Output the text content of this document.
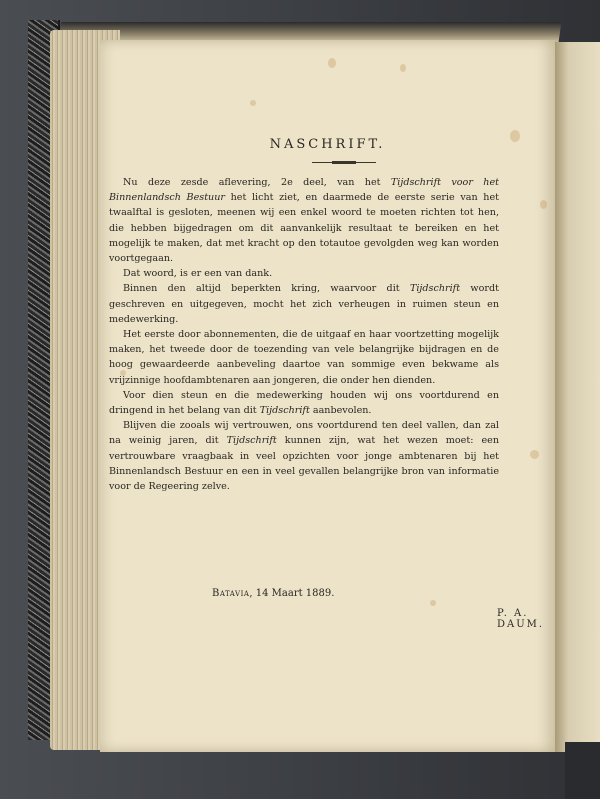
NASCHRIFT.

Nu deze zesde aflevering, 2e deel, van het Tijdschrift voor het Binnenlandsch Bestuur het licht ziet, en daarmede de eerste serie van het twaalftal is gesloten, meenen wij een enkel woord te moeten richten tot hen, die hebben bijgedragen om dit aanvankelijk resultaat te bereiken en het mogelijk te maken, dat met kracht op den totautoe gevolgden weg kan worden voortgegaan.

Dat woord, is er een van dank.

Binnen den altijd beperkten kring, waarvoor dit Tijdschrift wordt geschreven en uitgegeven, mocht het zich verheugen in ruimen steun en medewerking.

Het eerste door abonnementen, die de uitgaaf en haar voortzetting mogelijk maken, het tweede door de toezending van vele belangrijke bijdragen en de hoog gewaardeerde aanbeveling daartoe van sommige even bekwame als vrijzinnige hoofdambtenaren aan jongeren, die onder hen dienden.

Voor dien steun en die medewerking houden wij ons voortdurend en dringend in het belang van dit Tijdschrift aanbevolen.

Blijven die zooals wij vertrouwen, ons voortdurend ten deel vallen, dan zal na weinig jaren, dit Tijdschrift kunnen zijn, wat het wezen moet: een vertrouwbare vraagbaak in veel opzichten voor jonge ambtenaren bij het Binnenlandsch Bestuur en een in veel gevallen belangrijke bron van informatie voor de Regeering zelve.

Batavia, 14 Maart 1889.
P. A. DAUM.
